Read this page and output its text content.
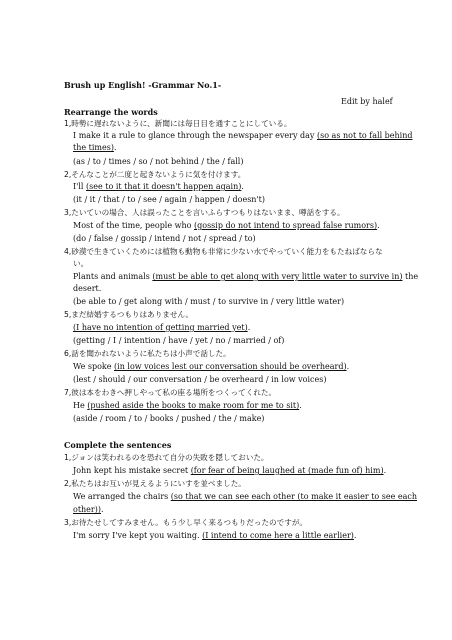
Brush up English! -Grammar No.1-
Edit by halef
Rearrange the words
1,時勢に遅れないように、新聞には毎日目を通すことにしている。
I make it a rule to glance through the newspaper every day (so as not to fall behind
the times).
(as / to / times / so / not behind / the / fall)
2,そんなことが二度と起きないように気を付けます。
I'll (see to it that it doesn't happen again).
(it / it / that / to / see / again / happen / doesn't)
3,たいていの場合、人は誤ったことを言いふらすつもりはないまま、噂話をする。
Most of the time, people who (gossip do not intend to spread false rumors).
(do / false / gossip / intend / not / spread / to)
4,砂漠で生きていくためには植物も動物も非常に少ない水でやっていく能力をもたねばならな
い。
Plants and animals (must be able to get along with very little water to survive in) the
desert.
(be able to / get along with / must / to survive in / very little water)
5,まだ結婚するつもりはありません。
(I have no intention of getting married yet).
(getting / I / intention / have / yet / no / married / of)
6,話を聞かれないように私たちは小声で話した。
We spoke (in low voices lest our conversation should be overheard).
(lest / should / our conversation / be overheard / in low voices)
7,彼は本をわきへ押しやって私の座る場所をつくってくれた。
He (pushed aside the books to make room for me to sit).
(aside / room / to / books / pushed / the / make)
Complete the sentences
1,ジョンは笑われるのを恐れて自分の失敗を隠しておいた。
John kept his mistake secret (for fear of being laughed at (made fun of) him).
2,私たちはお互いが見えるようにいすを並べました。
We arranged the chairs (so that we can see each other (to make it easier to see each
other)).
3,お待たせしてすみません。もう少し早く来るつもりだったのですが。
I'm sorry I've kept you waiting. (I intend to come here a little earlier).
